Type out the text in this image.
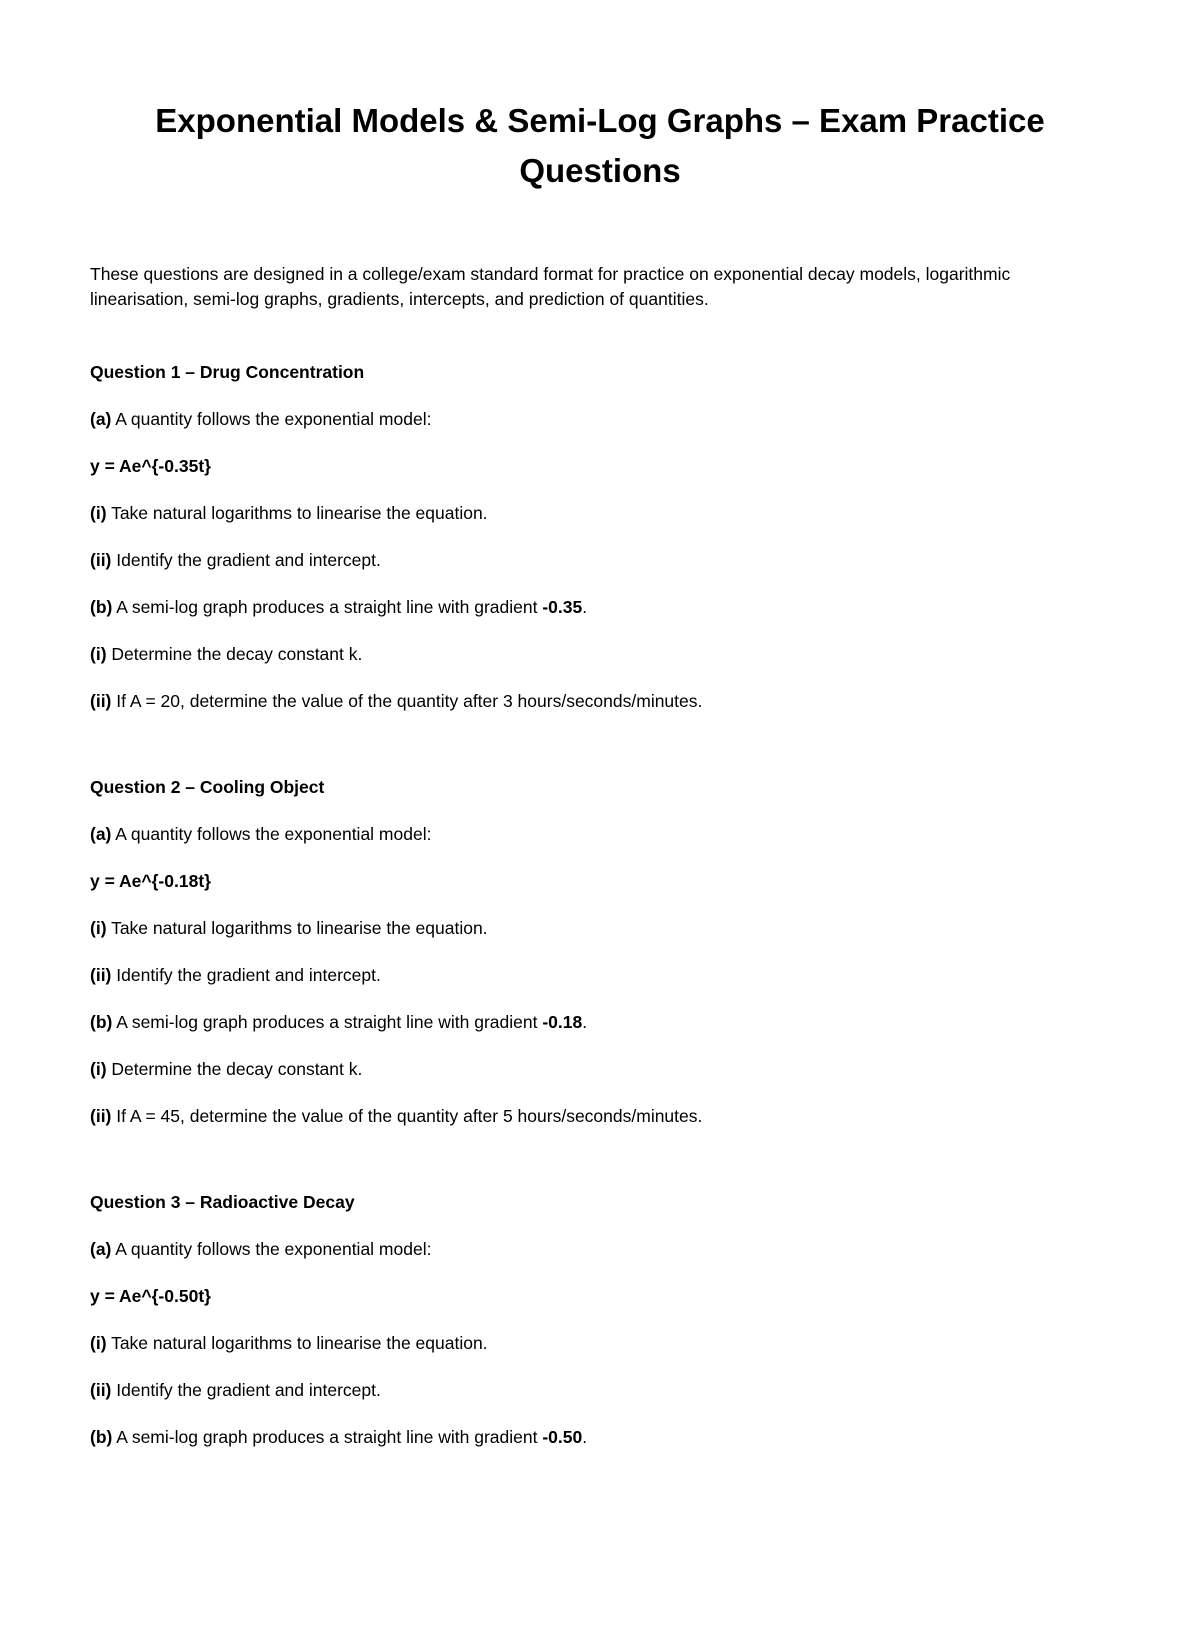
Exponential Models & Semi-Log Graphs – Exam Practice Questions

These questions are designed in a college/exam standard format for practice on exponential decay models, logarithmic linearisation, semi-log graphs, gradients, intercepts, and prediction of quantities.

Question 1 – Drug Concentration

(a) A quantity follows the exponential model:

y = Ae^{-0.35t}

(i) Take natural logarithms to linearise the equation.

(ii) Identify the gradient and intercept.

(b) A semi-log graph produces a straight line with gradient -0.35.

(i) Determine the decay constant k.

(ii) If A = 20, determine the value of the quantity after 3 hours/seconds/minutes.

Question 2 – Cooling Object

(a) A quantity follows the exponential model:

y = Ae^{-0.18t}

(i) Take natural logarithms to linearise the equation.

(ii) Identify the gradient and intercept.

(b) A semi-log graph produces a straight line with gradient -0.18.

(i) Determine the decay constant k.

(ii) If A = 45, determine the value of the quantity after 5 hours/seconds/minutes.

Question 3 – Radioactive Decay

(a) A quantity follows the exponential model:

y = Ae^{-0.50t}

(i) Take natural logarithms to linearise the equation.

(ii) Identify the gradient and intercept.

(b) A semi-log graph produces a straight line with gradient -0.50.
